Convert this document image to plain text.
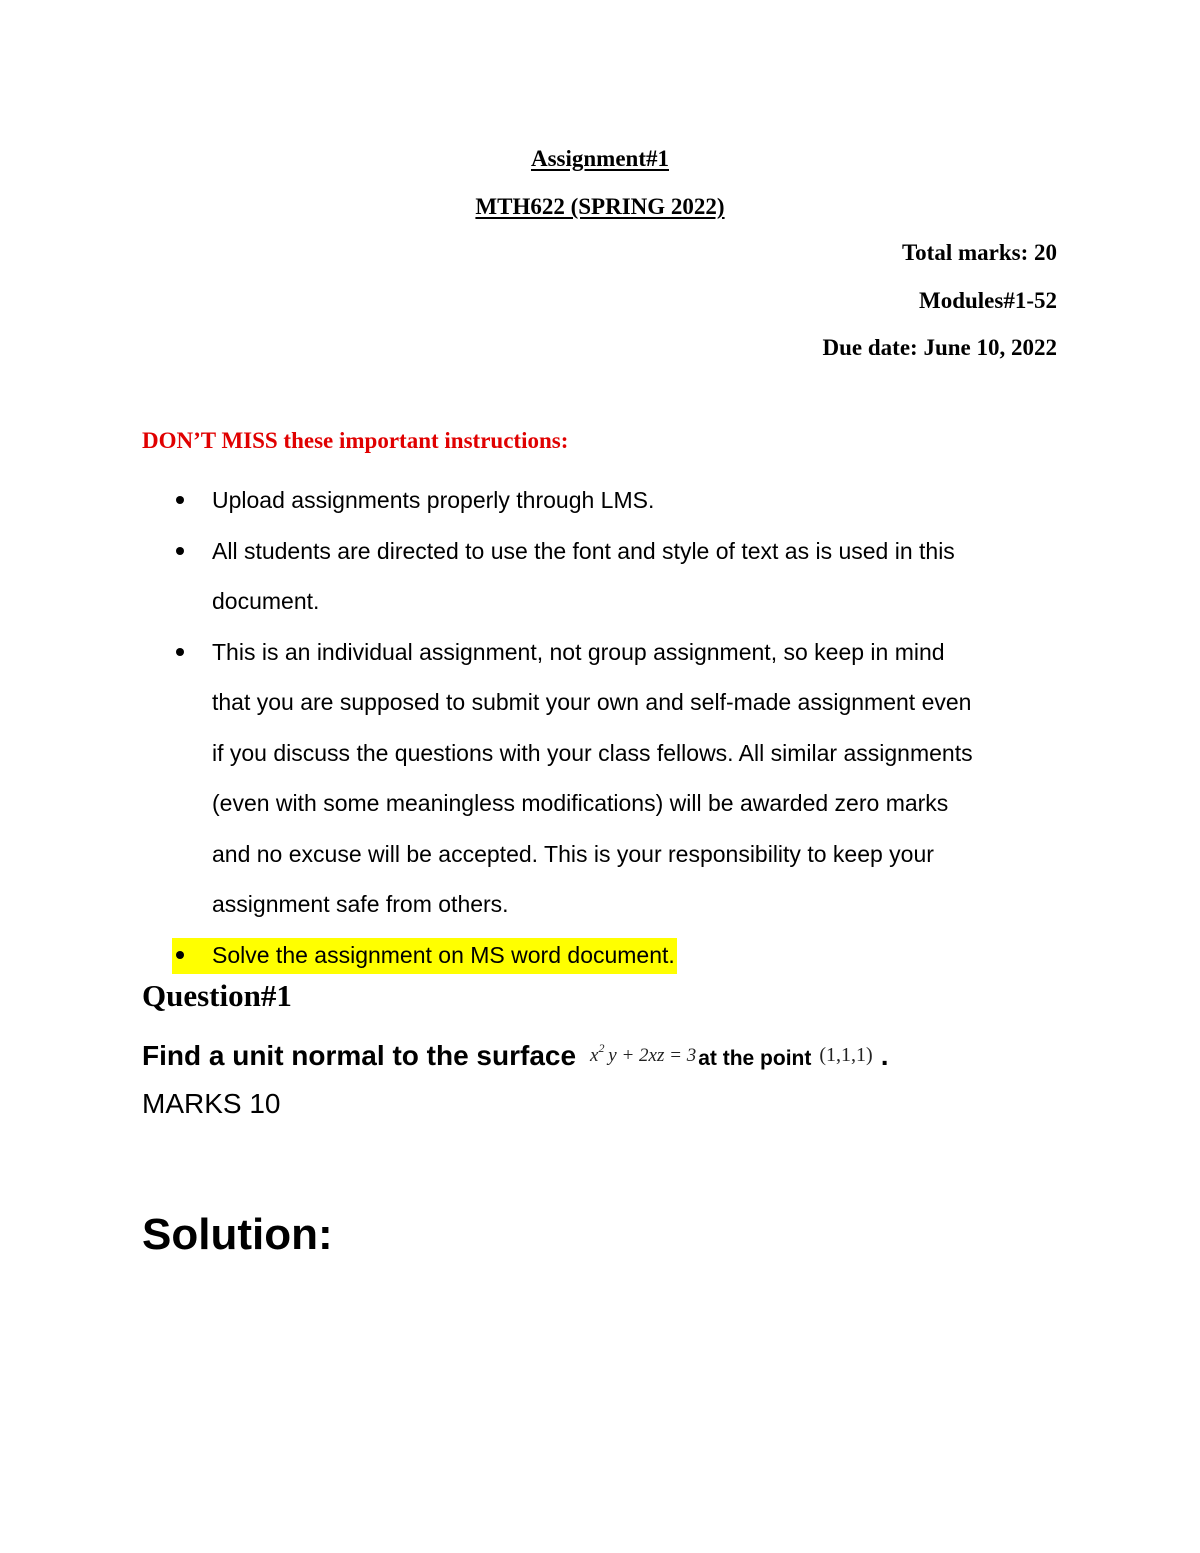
Assignment#1
MTH622 (SPRING 2022)
Total marks: 20
Modules#1-52
Due date: June 10, 2022
DON’T MISS these important instructions:
Upload assignments properly through LMS.
All students are directed to use the font and style of text as is used in this
document.
This is an individual assignment, not group assignment, so keep in mind
that you are supposed to submit your own and self-made assignment even
if you discuss the questions with your class fellows. All similar assignments
(even with some meaningless modifications) will be awarded zero marks
and no excuse will be accepted. This is your responsibility to keep your
assignment safe from others.
Solve the assignment on MS word document.
Question#1
Find a unit normal to the surface $x^2$  y + 2xz = 3at the point (1,1,1) .
MARKS 10
Solution:
